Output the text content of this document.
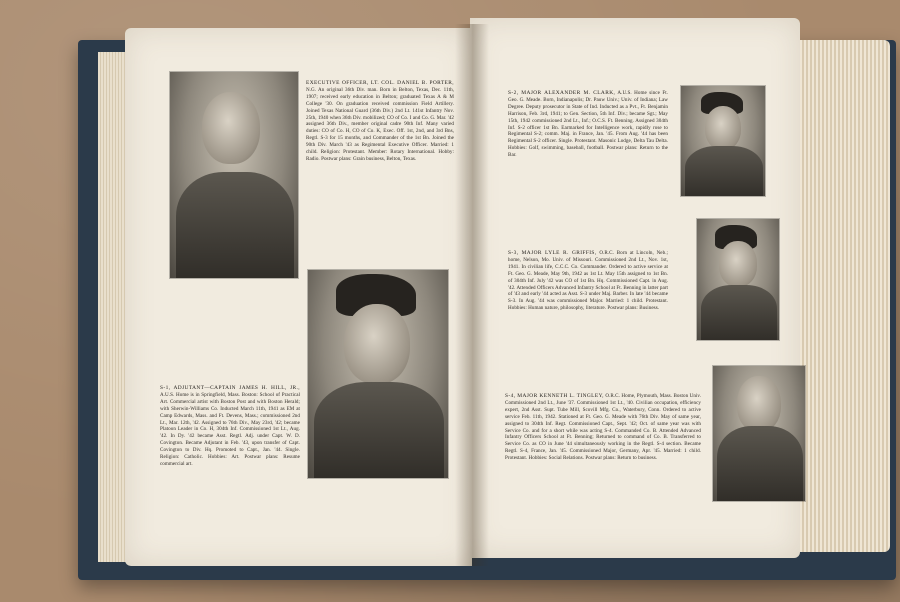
EXECUTIVE OFFICER, LT. COL. DANIEL B. PORTER, N.G. An original 36th Div. man. Born in Belton, Texas, Dec. 11th, 1907; received early education in Belton; graduated Texas A & M College '30. On graduation received commission Field Artillery. Joined Texas National Guard (36th Div.) 2nd Lt. 141st Infantry Nov. 25th, 1940 when 36th Div. mobilized; CO of Co. I and Co. G. Mar. '42 assigned 36th Div., member original cadre 90th Inf. Many varied duties: CO of Co. H, CO of Co. K, Exec. Off. 1st, 2nd, and 3rd Bns, Regtl. S-3 for 15 months, and Commander of the 1st Bn. Joined the 90th Div. March '43 as Regimental Executive Officer. Married: 1 child. Religion: Protestant. Member: Rotary International. Hobby: Radio. Postwar plans: Grain business, Belton, Texas.

S-1, ADJUTANT—CAPTAIN JAMES H. HILL, JR., A.U.S. Home is in Springfield, Mass. Boston: School of Practical Art. Commercial artist with Boston Post and with Boston Herald; with Sherwin-Williams Co. Inducted March 11th, 1941 as EM at Camp Edwards, Mass. and Ft. Devens, Mass.; commissioned 2nd Lt., Mar. 12th, '42. Assigned to 76th Div., May 23rd, '42; became Platoon Leader in Co. H, 304th Inf. Commissioned 1st Lt., Aug. '42. In Dy. '42 became Asst. Regtl. Adj. under Capt. W. D. Covington. Became Adjutant in Feb. '43, upon transfer of Capt. Covington to Div. Hq. Promoted to Capt., Jan. '44. Single. Religion: Catholic. Hobbies: Art. Postwar plans: Resume commercial art.

S-2, MAJOR ALEXANDER M. CLARK, A.U.S. Home since Ft. Geo. G. Meade. Born, Indianapolis; Dr. Pauw Univ.; Univ. of Indiana; Law Degree. Deputy prosecutor in State of Ind. Inducted as a Pvt., Ft. Benjamin Harrison, Feb. 3rd, 1941; to Gen. Section, 5th Inf. Div.; became Sgt.; May 15th, 1942 commissioned 2nd Lt., Inf.; O.C.S. Ft. Benning. Assigned 304th Inf. S-2 officer 1st Bn. Earmarked for Intelligence work, rapidly rose to Regimental S-2; comm. Maj. in France, Jan. '45. From Aug. '44 has been Regimental S-2 officer. Single. Protestant. Masonic Lodge, Delta Tau Delta. Hobbies: Golf, swimming, baseball, football. Postwar plans: Return to the Bar.

S-3, MAJOR LYLE R. GRIFFIS, O.R.C. Born at Lincoln, Neb.; home, Nelson, Mo. Univ. of Missouri. Commissioned 2nd Lt., Nov. 1st, 1941. In civilian life, C.C.C. Co. Commander. Ordered to active service at Ft. Geo. G. Meade, May 9th, 1942 as 1st Lt. May 15th assigned to 1st Bn. of 304th Inf. July '42 was CO of 1st Bn. Hq. Commissioned Capt. in Aug. '42. Attended Officers Advanced Infantry School at Ft. Benning in latter part of '43 and early '44 acted as Asst. S-3 under Maj. Barber. In late '44 became S-3. In Aug. '44 was commissioned Major. Married: 1 child. Protestant. Hobbies: Human nature, philosophy, literature. Postwar plans: Business.

S-4, MAJOR KENNETH L. TINGLEY, O.R.C. Home, Plymouth, Mass. Boston Univ. Commissioned 2nd Lt., June '37. Commissioned 1st Lt., '40. Civilian occupation, efficiency expert, 2nd Asst. Supt. Tube Mill, Scovill Mfg. Co., Waterbury, Conn. Ordered to active service Feb. 11th, 1942. Stationed at Ft. Geo. G. Meade with 76th Div. May of same year, assigned to 304th Inf. Regt. Commissioned Capt., Sept. '42; Oct. of same year was with Service Co. and for a short while was acting S-4. Commanded Co. B. Attended Advanced Infantry Officers School at Ft. Benning; Returned to command of Co. B. Transferred to Service Co. as CO in June '44 simultaneously working in the Regtl. S-4 section. Became Regtl. S-4, France, Jan. '45. Commissioned Major, Germany, Apr. '45. Married: 1 child. Protestant. Hobbies: Social Relations. Postwar plans: Return to business.
